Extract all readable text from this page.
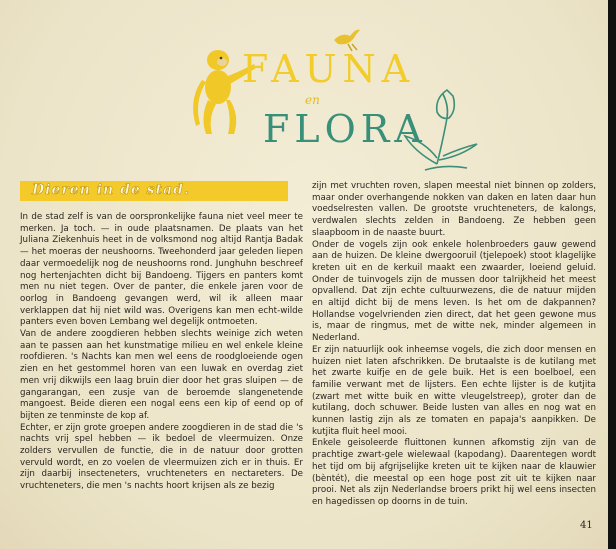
FAUNA
en
FLORA
Dieren in de stad.

In de stad zelf is van de oorspronkelijke fauna niet veel meer te merken. Ja toch. — in oude plaatsnamen. De plaats van het Juliana Ziekenhuis heet in de volksmond nog altijd Rantja Badak — het moeras der neushoorns. Tweehonderd jaar geleden liepen daar vermoedelijk nog de neushoorns rond. Junghuhn beschreef nog hertenjachten dicht bij Bandoeng. Tijgers en panters komt men nu niet tegen. Over de panter, die enkele jaren voor de oorlog in Bandoeng gevangen werd, wil ik alleen maar verklappen dat hij niet wild was. Overigens kan men echt-wilde panters even boven Lembang wel degelijk ontmoeten.

Van de andere zoogdieren hebben slechts weinige zich weten aan te passen aan het kunstmatige milieu en wel enkele kleine roofdieren. 's Nachts kan men wel eens de roodgloeiende ogen zien en het gestommel horen van een luwak en overdag ziet men vrij dikwijls een laag bruin dier door het gras sluipen — de gangarangan, een zusje van de beroemde slangenetende mangoest. Beide dieren een nogal eens een kip of eend op of bijten ze tenminste de kop af.

Echter, er zijn grote groepen andere zoogdieren in de stad die 's nachts vrij spel hebben — ik bedoel de vleermuizen. Onze zolders vervullen de functie, die in de natuur door grotten vervuld wordt, en zo voelen de vleermuizen zich er in thuis. Er zijn daarbij insecteneters, vruchteneters en nectareters. De vruchteneters, die men 's nachts hoort krijsen als ze bezig

zijn met vruchten roven, slapen meestal niet binnen op zolders, maar onder overhangende nokken van daken en laten daar hun voedselresten vallen. De grootste vruchteneters, de kalongs, verdwalen slechts zelden in Bandoeng. Ze hebben geen slaapboom in de naaste buurt.

Onder de vogels zijn ook enkele holenbroeders gauw gewend aan de huizen. De kleine dwergooruil (tjelepoek) stoot klagelijke kreten uit en de kerkuil maakt een zwaarder, loeiend geluid. Onder de tuinvogels zijn de mussen door talrijkheid het meest opvallend. Dat zijn echte cultuurwezens, die de natuur mijden en altijd dicht bij de mens leven. Is het om de dakpannen? Hollandse vogelvrienden zien direct, dat het geen gewone mus is, maar de ringmus, met de witte nek, minder algemeen in Nederland.

Er zijn natuurlijk ook inheemse vogels, die zich door mensen en huizen niet laten afschrikken. De brutaalste is de kutilang met het zwarte kuifje en de gele buik. Het is een boelboel, een familie verwant met de lijsters. Een echte lijster is de kutjita (zwart met witte buik en witte vleugelstreep), groter dan de kutilang, doch schuwer. Beide lusten van alles en nog wat en kunnen lastig zijn als ze tomaten en papaja's aanpikken. De kutjita fluit heel mooi.

Enkele geisoleerde fluittonen kunnen afkomstig zijn van de prachtige zwart-gele wielewaal (kapodang). Daarentegen wordt het tijd om bij afgrijselijke kreten uit te kijken naar de klauwier (bèntét), die meestal op een hoge post zit uit te kijken naar prooi. Net als zijn Nederlandse broers prikt hij wel eens insecten en hagedissen op doorns in de tuin.

41
